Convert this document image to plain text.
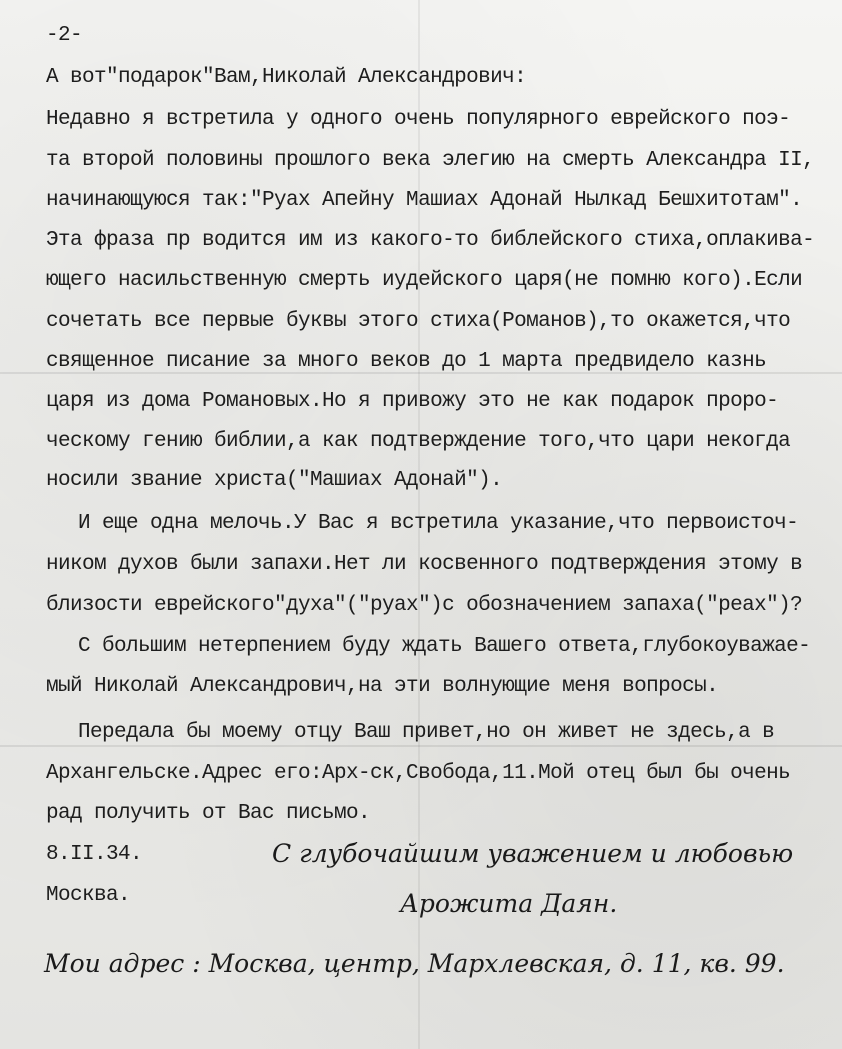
-2-
А вот"подарок"Вам,Николай Александрович:
Недавно я встретила у одного очень популярного еврейского поэ-
та второй половины прошлого века элегию на смерть Александра II,
начинающуюся так:"Руах Апейну Машиах Адонай Нылкад Бешхитотам".
Эта фраза пр водится им из какого-то библейского стиха,оплакива-
ющего насильственную смерть иудейского царя(не помню кого).Если
сочетать все первые буквы этого стиха(Романов),то окажется,что
священное писание за много веков до 1 марта предвидело казнь
царя из дома Романовых.Но я привожу это не как подарок проро-
ческому гению библии,а как подтверждение того,что цари некогда
носили звание христа("Машиах Адонай").
И еще одна мелочь.У Вас я встретила указание,что первоисточ-
ником духов были запахи.Нет ли косвенного подтверждения этому в
близости еврейского"духа"("руах")с обозначением запаха("реах")?
С большим нетерпением буду ждать Вашего ответа,глубокоуважае-
мый Николай Александрович,на эти волнующие меня вопросы.
Передала бы моему отцу Ваш привет,но он живет не здесь,а в
Архангельске.Адрес его:Арх-ск,Свобода,11.Мой отец был бы очень
рад получить от Вас письмо.
8.II.34.
Москва.
С глубочайшим уважением и любовью
Арожита Даян.
Мои адрес : Москва, центр, Мархлевская, д. 11, кв. 99.
